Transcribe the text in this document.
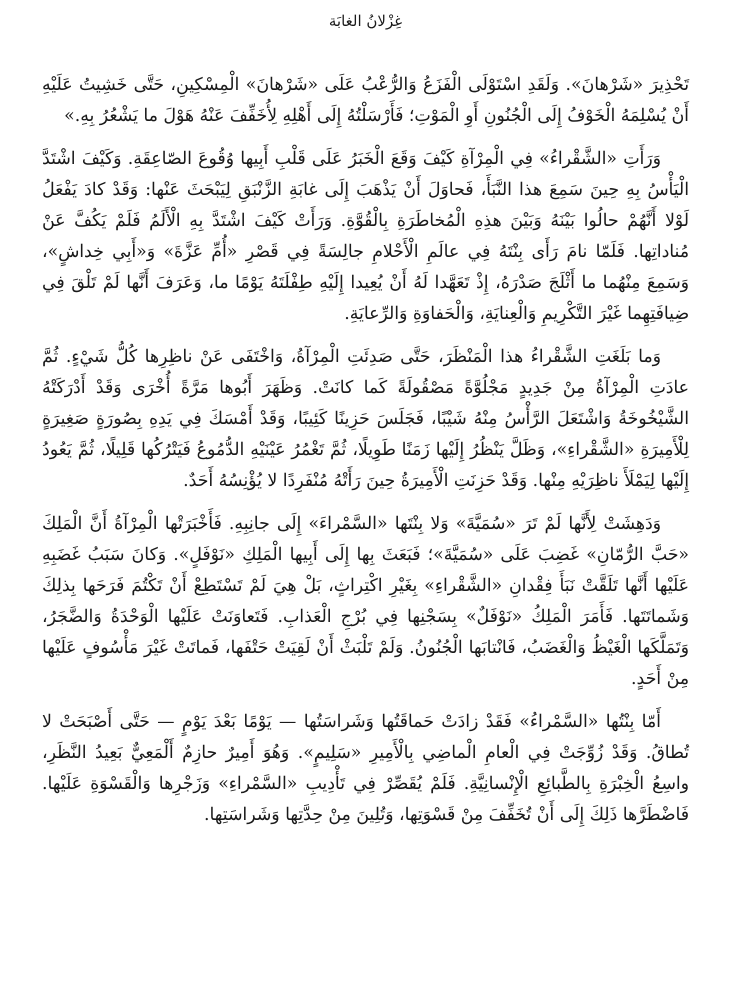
غِزْلانُ الغابَة

تَحْذِيرَ «شَرْهانَ». وَلَقَدِ اسْتَوْلَى الْفَزَعُ وَالرُّعْبُ عَلَى «شَرْهانَ» الْمِسْكِينِ، حَتَّى خَشِيتُ عَلَيْهِ أَنْ يُسْلِمَهُ الْخَوْفُ إِلَى الْجُنُونِ أَوِ الْمَوْتِ؛ فَأَرْسَلْتُهُ إِلَى أَهْلِهِ لِأُخَفِّفَ عَنْهُ هَوْلَ ما يَشْعُرُ بِهِ.»

وَرَأَتِ «الشَّقْراءُ» فِي الْمِرْآةِ كَيْفَ وَقَعَ الْخَبَرُ عَلَى قَلْبِ أَبِيها وُقُوعَ الصّاعِقَةِ. وَكَيْفَ اشْتَدَّ الْيَأْسُ بِهِ حِينَ سَمِعَ هذا النَّبَأَ، فَحاوَلَ أَنْ يَذْهَبَ إِلَى غابَةِ الزَّنْبَقِ لِيَبْحَثَ عَنْها: وَقَدْ كادَ يَفْعَلُ لَوْلا أَنَّهُمْ حالُوا بَيْنَهُ وَبَيْنَ هذِهِ الْمُخاطَرَةِ بِالْقُوَّةِ. وَرَأَتْ كَيْفَ اشْتَدَّ بِهِ الْأَلَمُ فَلَمْ يَكُفَّ عَنْ مُناداتِها. فَلَمّا نامَ رَأَى بِنْتَهُ فِي عالَمِ الْأَحْلامِ جالِسَةً فِي قَصْرِ «أُمِّ عَزَّةَ» وَ«أَبِي خِداشٍ»، وَسَمِعَ مِنْهُما ما أَثْلَجَ صَدْرَهُ، إِذْ تَعَهَّدا لَهُ أَنْ يُعِيدا إِلَيْهِ طِفْلَتَهُ يَوْمًا ما، وَعَرَفَ أَنَّها لَمْ تَلْقَ فِي ضِيافَتِهِما غَيْرَ التَّكْرِيمِ وَالْعِنايَةِ، وَالْحَفاوَةِ وَالرِّعايَةِ.

وَما بَلَغَتِ الشَّقْراءُ هذا الْمَنْظَرَ، حَتَّى صَدِئَتِ الْمِرْآةُ، وَاخْتَفَى عَنْ ناظِرِها كُلُّ شَيْءٍ. ثُمَّ عادَتِ الْمِرْآةُ مِنْ جَدِيدٍ مَجْلُوَّةً مَصْقُولَةً كَما كانَتْ. وَظَهَرَ أَبُوها مَرَّةً أُخْرَى وَقَدْ أَدْرَكَتْهُ الشَّيْخُوخَةُ وَاشْتَعَلَ الرَّأْسُ مِنْهُ شَيْبًا، فَجَلَسَ حَزِينًا كَئِيبًا، وَقَدْ أَمْسَكَ فِي يَدِهِ بِصُورَةٍ صَغِيرَةٍ لِلْأَمِيرَةِ «الشَّقْراءِ»، وَظَلَّ يَنْظُرُ إِلَيْها زَمَنًا طَوِيلًا، ثُمَّ تَغْمُرُ عَيْنَيْهِ الدُّمُوعُ فَيَتْرُكُها قَلِيلًا، ثُمَّ يَعُودُ إِلَيْها لِيَمْلَأَ ناظِرَيْهِ مِنْها. وَقَدْ حَزِنَتِ الْأَمِيرَةُ حِينَ رَأَتْهُ مُنْفَرِدًا لا يُؤْنِسُهُ أَحَدٌ.

وَدَهِشَتْ لِأَنَّها لَمْ تَرَ «سُمَيَّةَ» وَلا بِنْتَها «السَّمْراءَ» إِلَى جانِبِهِ. فَأَخْبَرَتْها الْمِرْآةُ أَنَّ الْمَلِكَ «حَبَّ الرُّمّانِ» غَضِبَ عَلَى «سُمَيَّةَ»؛ فَبَعَثَ بِها إِلَى أَبِيها الْمَلِكِ «نَوْفَلٍ». وَكانَ سَبَبُ غَضَبِهِ عَلَيْها أَنَّها تَلَقَّتْ نَبَأَ فِقْدانِ «الشَّقْراءِ» بِغَيْرِ اكْتِراثٍ، بَلْ هِيَ لَمْ تَسْتَطِعْ أَنْ تَكْتُمَ فَرَحَها بِذلِكَ وَشَماتَتَها. فَأَمَرَ الْمَلِكُ «نَوْفَلٌ» بِسَجْنِها فِي بُرْجِ الْعَذابِ. فَتَعاوَنَتْ عَلَيْها الْوَحْدَةُ وَالضَّجَرُ، وَتَمَلَّكَها الْغَيْظُ وَالْغَضَبُ، فَانْتابَها الْجُنُونُ. وَلَمْ تَلْبَثْ أَنْ لَقِيَتْ حَتْفَها، فَماتَتْ غَيْرَ مَأْسُوفٍ عَلَيْها مِنْ أَحَدٍ.

أَمّا بِنْتُها «السَّمْراءُ» فَقَدْ زادَتْ حَماقَتُها وَشَراسَتُها — يَوْمًا بَعْدَ يَوْمٍ — حَتَّى أَصْبَحَتْ لا تُطاقُ. وَقَدْ زُوِّجَتْ فِي الْعامِ الْماضِي بِالْأَمِيرِ «سَلِيمٍ». وَهُوَ أَمِيرٌ حازِمٌ أَلْمَعِيٌّ بَعِيدُ النَّظَرِ، واسِعُ الْخِبْرَةِ بِالطَّبائِعِ الْإِنْسانِيَّةِ. فَلَمْ يُقَصِّرْ فِي تَأْدِيبِ «السَّمْراءِ» وَزَجْرِها وَالْقَسْوَةِ عَلَيْها. فَاضْطَرَّها ذَلِكَ إِلَى أَنْ تُخَفِّفَ مِنْ قَسْوَتِها، وَتُلِينَ مِنْ حِدَّتِها وَشَراسَتِها.
